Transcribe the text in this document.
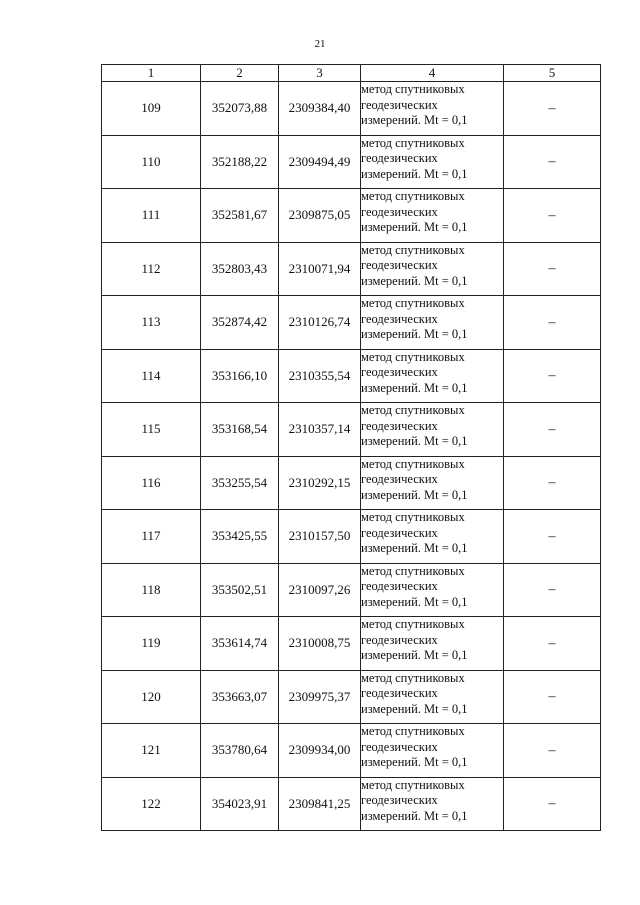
21
1	2	3	4	5
109	352073,88	2309384,40	метод спутниковых
геодезических
измерений. Mt = 0,1	–
110	352188,22	2309494,49	метод спутниковых
геодезических
измерений. Mt = 0,1	–
111	352581,67	2309875,05	метод спутниковых
геодезических
измерений. Mt = 0,1	–
112	352803,43	2310071,94	метод спутниковых
геодезических
измерений. Mt = 0,1	–
113	352874,42	2310126,74	метод спутниковых
геодезических
измерений. Mt = 0,1	–
114	353166,10	2310355,54	метод спутниковых
геодезических
измерений. Mt = 0,1	–
115	353168,54	2310357,14	метод спутниковых
геодезических
измерений. Mt = 0,1	–
116	353255,54	2310292,15	метод спутниковых
геодезических
измерений. Mt = 0,1	–
117	353425,55	2310157,50	метод спутниковых
геодезических
измерений. Mt = 0,1	–
118	353502,51	2310097,26	метод спутниковых
геодезических
измерений. Mt = 0,1	–
119	353614,74	2310008,75	метод спутниковых
геодезических
измерений. Mt = 0,1	–
120	353663,07	2309975,37	метод спутниковых
геодезических
измерений. Mt = 0,1	–
121	353780,64	2309934,00	метод спутниковых
геодезических
измерений. Mt = 0,1	–
122	354023,91	2309841,25	метод спутниковых
геодезических
измерений. Mt = 0,1	–
